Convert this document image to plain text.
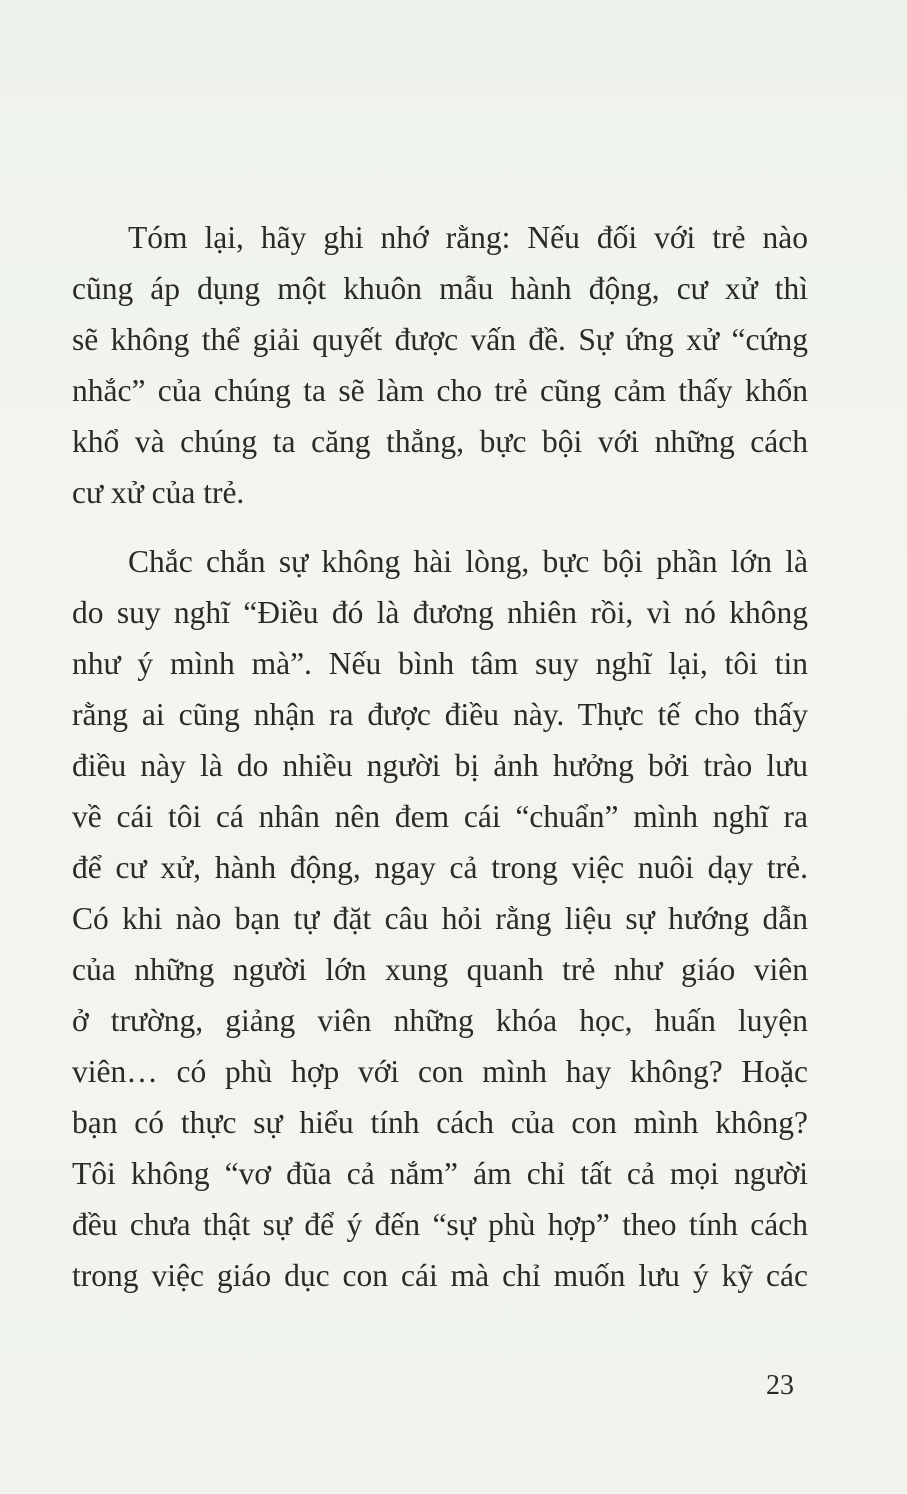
Tóm lại, hãy ghi nhớ rằng: Nếu đối với trẻ nào
cũng áp dụng một khuôn mẫu hành động, cư xử thì
sẽ không thể giải quyết được vấn đề. Sự ứng xử “cứng
nhắc” của chúng ta sẽ làm cho trẻ cũng cảm thấy khốn
khổ và chúng ta căng thẳng, bực bội với những cách
cư xử của trẻ.
Chắc chắn sự không hài lòng, bực bội phần lớn là
do suy nghĩ “Điều đó là đương nhiên rồi, vì nó không
như ý mình mà”. Nếu bình tâm suy nghĩ lại, tôi tin
rằng ai cũng nhận ra được điều này. Thực tế cho thấy
điều này là do nhiều người bị ảnh hưởng bởi trào lưu
về cái tôi cá nhân nên đem cái “chuẩn” mình nghĩ ra
để cư xử, hành động, ngay cả trong việc nuôi dạy trẻ.
Có khi nào bạn tự đặt câu hỏi rằng liệu sự hướng dẫn
của những người lớn xung quanh trẻ như giáo viên
ở trường, giảng viên những khóa học, huấn luyện
viên… có phù hợp với con mình hay không? Hoặc
bạn có thực sự hiểu tính cách của con mình không?
Tôi không “vơ đũa cả nắm” ám chỉ tất cả mọi người
đều chưa thật sự để ý đến “sự phù hợp” theo tính cách
trong việc giáo dục con cái mà chỉ muốn lưu ý kỹ các
23
